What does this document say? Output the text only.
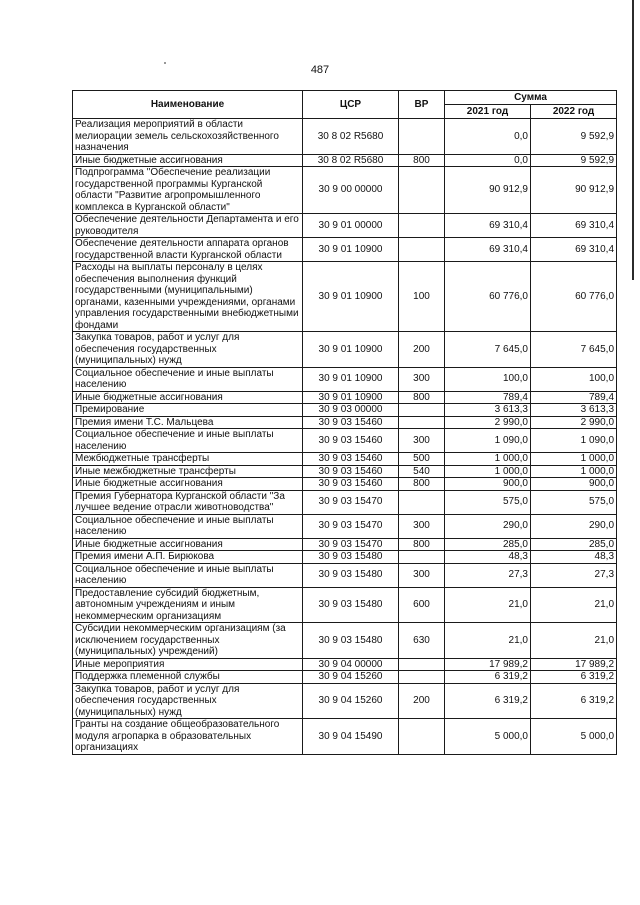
487
Наименование	ЦСР	ВР	Сумма	
			2021 год	2022 год
Реализация мероприятий в области мелиорации земель сельскохозяйственного назначения	30 8 02 R5680		0,0	9 592,9
Иные бюджетные ассигнования	30 8 02 R5680	800	0,0	9 592,9
Подпрограмма "Обеспечение реализации государственной программы Курганской области "Развитие агропромышленного комплекса в Курганской области"	30 9 00 00000		90 912,9	90 912,9
Обеспечение деятельности Департамента и его руководителя	30 9 01 00000		69 310,4	69 310,4
Обеспечение деятельности аппарата органов государственной власти Курганской области	30 9 01 10900		69 310,4	69 310,4
Расходы на выплаты персоналу в целях обеспечения выполнения функций государственными (муниципальными) органами, казенными учреждениями, органами управления государственными внебюджетными фондами	30 9 01 10900	100	60 776,0	60 776,0
Закупка товаров, работ и услуг для обеспечения государственных (муниципальных) нужд	30 9 01 10900	200	7 645,0	7 645,0
Социальное обеспечение и иные выплаты населению	30 9 01 10900	300	100,0	100,0
Иные бюджетные ассигнования	30 9 01 10900	800	789,4	789,4
Премирование	30 9 03 00000		3 613,3	3 613,3
Премия имени Т.С. Мальцева	30 9 03 15460		2 990,0	2 990,0
Социальное обеспечение и иные выплаты населению	30 9 03 15460	300	1 090,0	1 090,0
Межбюджетные трансферты	30 9 03 15460	500	1 000,0	1 000,0
Иные межбюджетные трансферты	30 9 03 15460	540	1 000,0	1 000,0
Иные бюджетные ассигнования	30 9 03 15460	800	900,0	900,0
Премия Губернатора Курганской области "За лучшее ведение отрасли животноводства"	30 9 03 15470		575,0	575,0
Социальное обеспечение и иные выплаты населению	30 9 03 15470	300	290,0	290,0
Иные бюджетные ассигнования	30 9 03 15470	800	285,0	285,0
Премия имени А.П. Бирюкова	30 9 03 15480		48,3	48,3
Социальное обеспечение и иные выплаты населению	30 9 03 15480	300	27,3	27,3
Предоставление субсидий бюджетным, автономным учреждениям и иным некоммерческим организациям	30 9 03 15480	600	21,0	21,0
Субсидии некоммерческим организациям (за исключением государственных (муниципальных) учреждений)	30 9 03 15480	630	21,0	21,0
Иные мероприятия	30 9 04 00000		17 989,2	17 989,2
Поддержка племенной службы	30 9 04 15260		6 319,2	6 319,2
Закупка товаров, работ и услуг для обеспечения государственных (муниципальных) нужд	30 9 04 15260	200	6 319,2	6 319,2
Гранты на создание общеобразовательного модуля агропарка в образовательных организациях	30 9 04 15490		5 000,0	5 000,0
